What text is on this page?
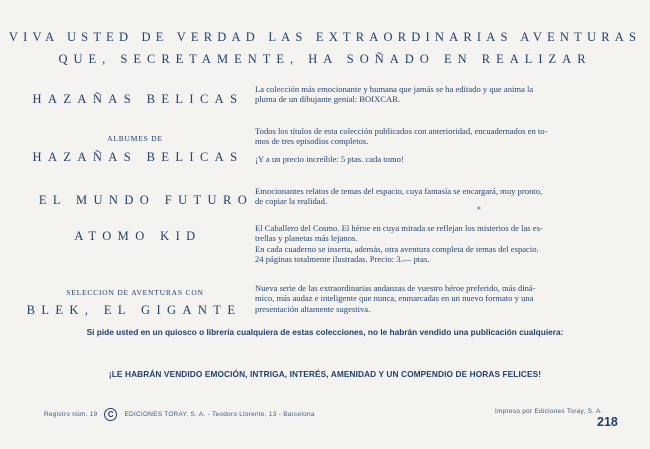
VIVA USTED DE VERDAD LAS EXTRAORDINARIAS AVENTURAS
QUE, SECRETAMENTE, HA SOÑADO EN REALIZAR
HAZAÑAS BELICAS

La colección más emocionante y humana que jamás se ha editado y que anima la

pluma de un dibujante genial: BOIXCAR.

ALBUMES DE
HAZAÑAS BELICAS

Todos los títulos de esta colección publicados con anterioridad, encuadernados en to-

mos de tres episodios completos.

¡Y a un precio increíble: 5 ptas. cada tomo!

EL MUNDO FUTURO

Emocionantes relatos de temas del espacio, cuya fantasía se encargará, muy pronto,

de copiar la realidad.

*
ATOMO KID

El Caballero del Cosmo. El héroe en cuya mirada se reflejan los misterios de las es-

trellas y planetas más lejanos.

En cada cuaderno se inserta, además, otra aventura completa de temas del espacio.

24 páginas totalmente ilustradas. Precio: 3.— ptas.

SELECCION DE AVENTURAS CON
BLEK, EL GIGANTE

Nueva serie de las extraordinarias andanzas de vuestro héroe preferido, más diná-

mico, más audaz e inteligente que nunca, enmarcadas en un nuevo formato y una

presentación altamente sugestiva.

Si pide usted en un quiosco o librería cualquiera de estas colecciones, no le habrán vendido una publicación cualquiera:
¡LE HABRÁN VENDIDO EMOCIÓN, INTRIGA, INTERÉS, AMENIDAD Y UN COMPENDIO DE HORAS FELICES!
Registro núm. 19	C	EDICIONES TORAY, S. A. - Teodoro Llorente, 13 - Barcelona	Impreso por Ediciones Toray, S. A.
218
